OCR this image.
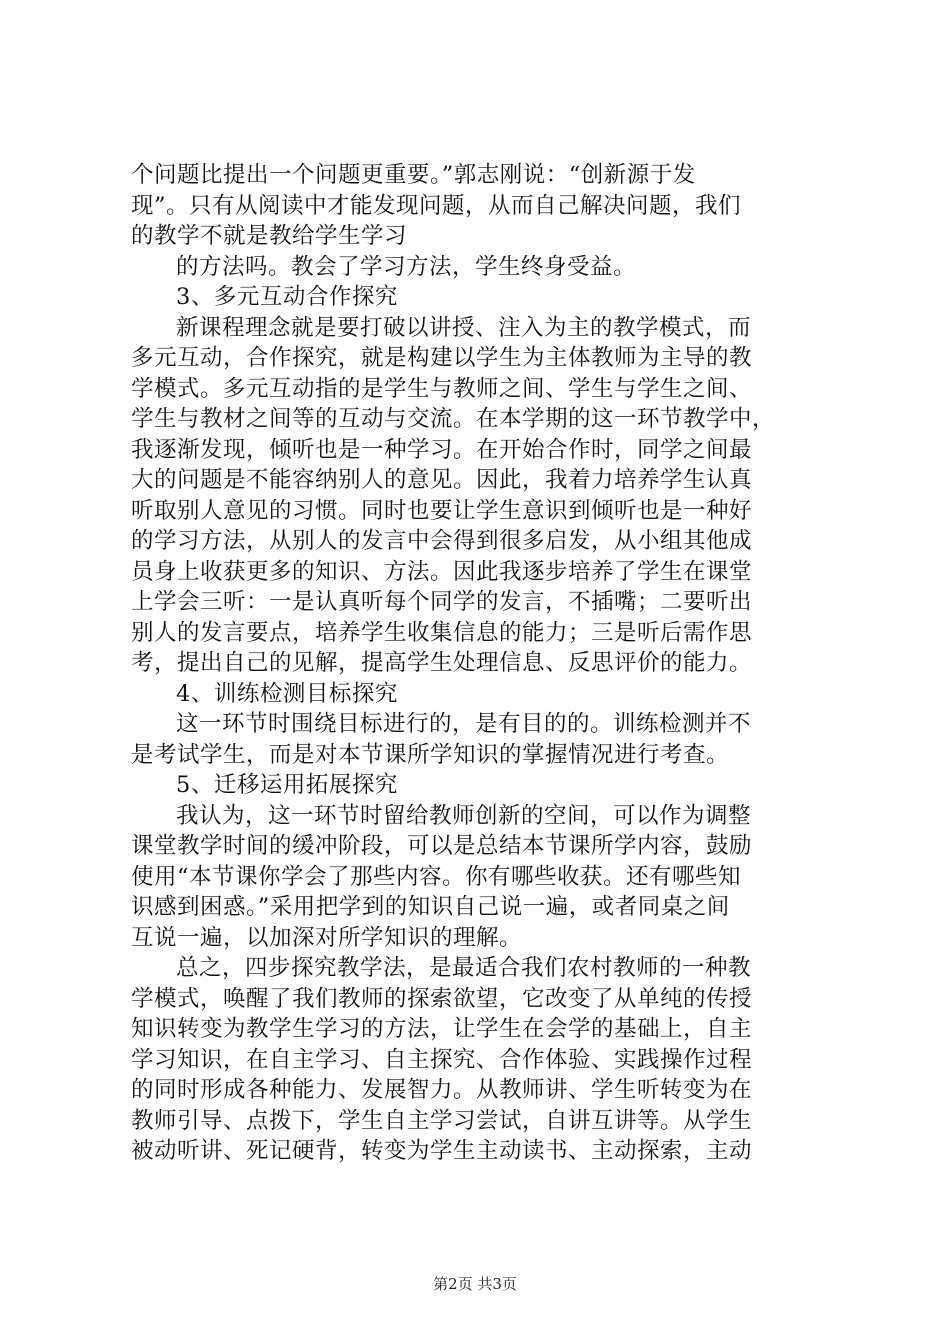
个问题比提出一个问题更重要。”郭志刚说：“创新源于发
现”。只有从阅读中才能发现问题，从而自己解决问题，我们
的教学不就是教给学生学习
的方法吗。教会了学习方法，学生终身受益。
3、多元互动合作探究
新课程理念就是要打破以讲授、注入为主的教学模式，而
多元互动，合作探究，就是构建以学生为主体教师为主导的教
学模式。多元互动指的是学生与教师之间、学生与学生之间、
学生与教材之间等的互动与交流。在本学期的这一环节教学中，
我逐渐发现，倾听也是一种学习。在开始合作时，同学之间最
大的问题是不能容纳别人的意见。因此，我着力培养学生认真
听取别人意见的习惯。同时也要让学生意识到倾听也是一种好
的学习方法，从别人的发言中会得到很多启发，从小组其他成
员身上收获更多的知识、方法。因此我逐步培养了学生在课堂
上学会三听：一是认真听每个同学的发言，不插嘴；二要听出
别人的发言要点，培养学生收集信息的能力；三是听后需作思
考，提出自己的见解，提高学生处理信息、反思评价的能力。
4、训练检测目标探究
这一环节时围绕目标进行的，是有目的的。训练检测并不
是考试学生，而是对本节课所学知识的掌握情况进行考查。
5、迁移运用拓展探究
我认为，这一环节时留给教师创新的空间，可以作为调整
课堂教学时间的缓冲阶段，可以是总结本节课所学内容，鼓励
使用“本节课你学会了那些内容。你有哪些收获。还有哪些知
识感到困惑。”采用把学到的知识自己说一遍，或者同桌之间
互说一遍，以加深对所学知识的理解。
总之，四步探究教学法，是最适合我们农村教师的一种教
学模式，唤醒了我们教师的探索欲望，它改变了从单纯的传授
知识转变为教学生学习的方法，让学生在会学的基础上，自主
学习知识，在自主学习、自主探究、合作体验、实践操作过程
的同时形成各种能力、发展智力。从教师讲、学生听转变为在
教师引导、点拨下，学生自主学习尝试，自讲互讲等。从学生
被动听讲、死记硬背，转变为学生主动读书、主动探索，主动
第2页 共3页
